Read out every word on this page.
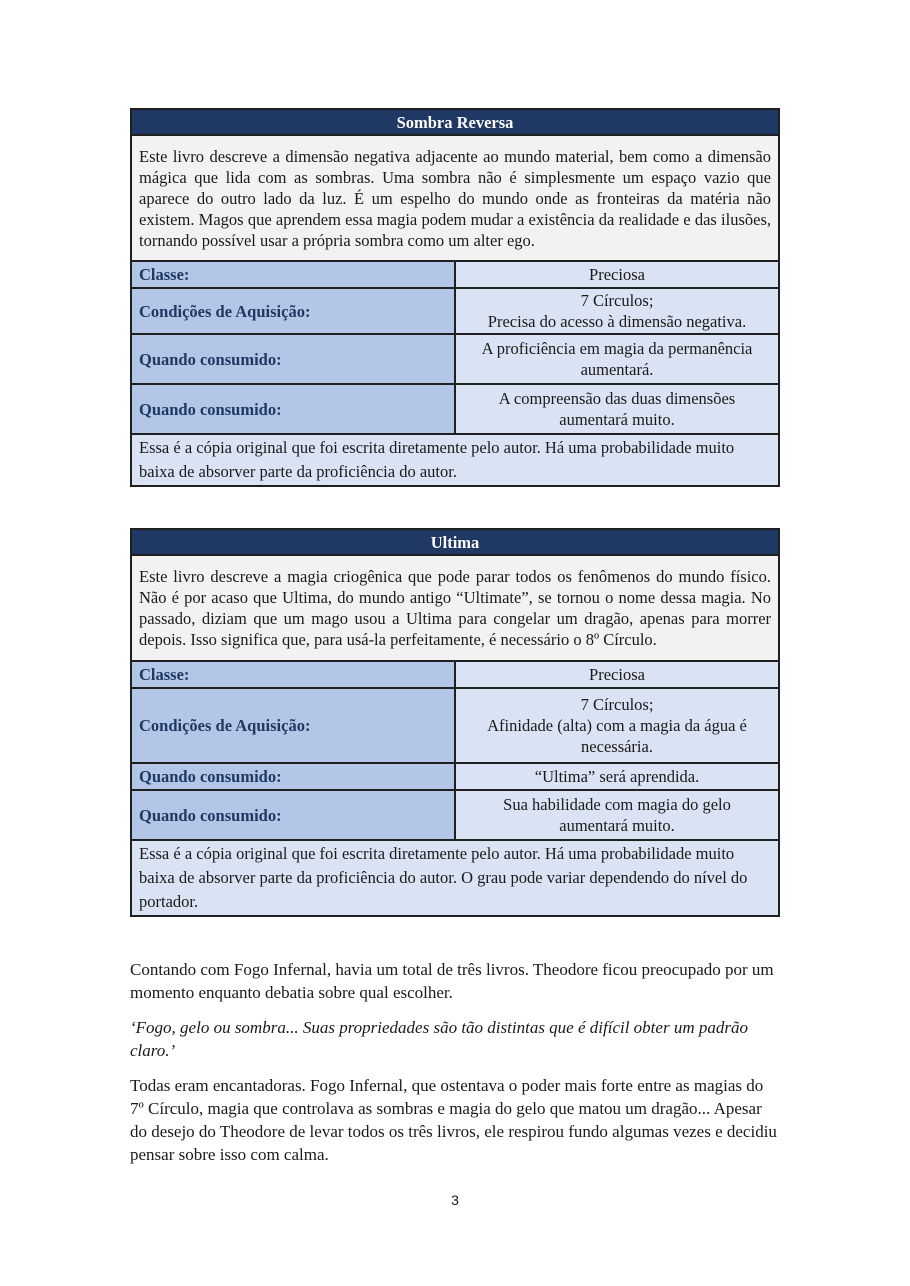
Sombra Reversa	
Este livro descreve a dimensão negativa adjacente ao mundo material, bem como a dimensão mágica que lida com as sombras. Uma sombra não é simplesmente um espaço vazio que aparece do outro lado da luz. É um espelho do mundo onde as fronteiras da matéria não existem. Magos que aprendem essa magia podem mudar a existência da realidade e das ilusões, tornando possível usar a própria sombra como um alter ego.	
Classe:	Preciosa

Condições de Aquisição:	7 Círculos;
Precisa do acesso à dimensão negativa.

Quando consumido:	A proficiência em magia da permanência
aumentará.

Quando consumido:	A compreensão das duas dimensões
aumentará muito.

Essa é a cópia original que foi escrita diretamente pelo autor. Há uma probabilidade muito baixa de absorver parte da proficiência do autor.	
Ultima	
Este livro descreve a magia criogênica que pode parar todos os fenômenos do mundo físico. Não é por acaso que Ultima, do mundo antigo “Ultimate”, se tornou o nome dessa magia. No passado, diziam que um mago usou a Ultima para congelar um dragão, apenas para morrer depois. Isso significa que, para usá-la perfeitamente, é necessário o 8º Círculo.	
Classe:	Preciosa

Condições de Aquisição:	7 Círculos;
Afinidade (alta) com a magia da água é
necessária.

Quando consumido:	“Ultima” será aprendida.

Quando consumido:	Sua habilidade com magia do gelo
aumentará muito.

Essa é a cópia original que foi escrita diretamente pelo autor. Há uma probabilidade muito baixa de absorver parte da proficiência do autor. O grau pode variar dependendo do nível do portador.	

Contando com Fogo Infernal, havia um total de três livros. Theodore ficou preocupado por um momento enquanto debatia sobre qual escolher.

‘Fogo, gelo ou sombra... Suas propriedades são tão distintas que é difícil obter um padrão claro.’

Todas eram encantadoras. Fogo Infernal, que ostentava o poder mais forte entre as magias do 7º Círculo, magia que controlava as sombras e magia do gelo que matou um dragão... Apesar do desejo do Theodore de levar todos os três livros, ele respirou fundo algumas vezes e decidiu pensar sobre isso com calma.

3
